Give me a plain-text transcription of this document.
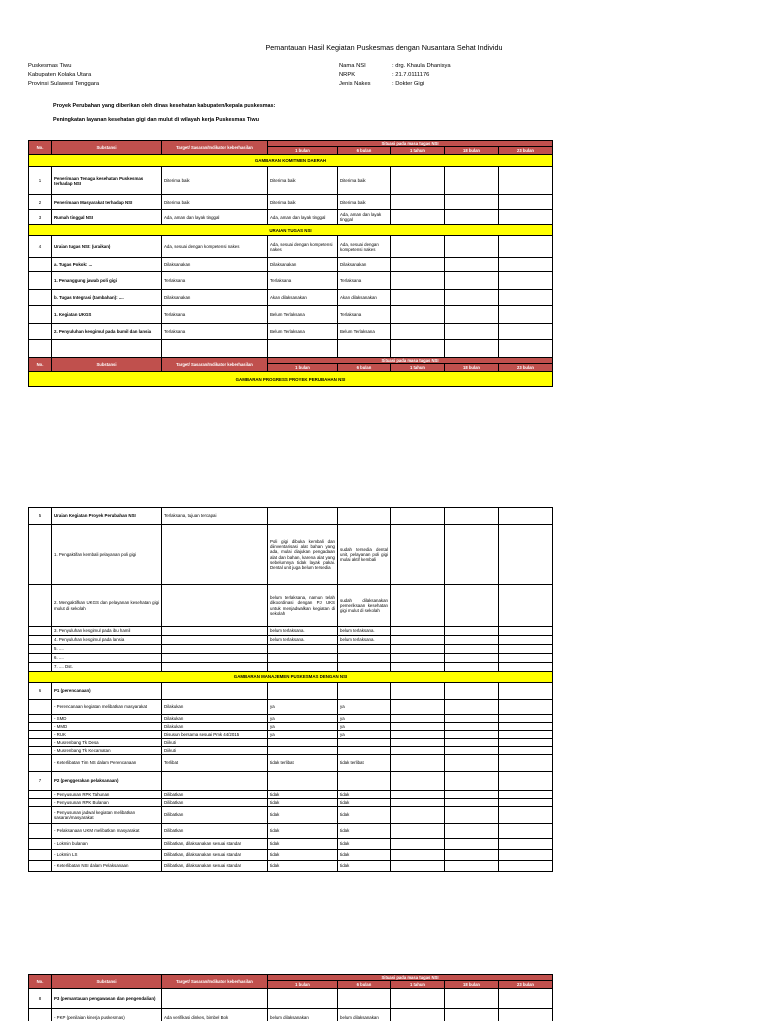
Pemantauan Hasil Kegiatan Puskesmas dengan Nusantara Sehat Individu
Puskesmas Tiwu
Kabupaten Kolaka Utara
Provinsi Sulawesi Tenggara
Nama NSI	: drg. Khaula Dhanisya
NRPK	: 21.7.0111176
Jenis Nakes	: Dokter Gigi
Proyek Perubahan yang diberikan oleh dinas kesehatan kabupaten/kepala puskesmas:
Peningkatan layanan kesehatan gigi dan mulut di wilayah kerja Puskesmas Tiwu
No.	Substansi	Target/ Sasaran/Indikator keberhasilan	Situasi pada masa tugas NSI				
			1 bulan	6 bulan	1 tahun	18 bulan	23 bulan
GAMBARAN KOMITMEN DAERAH							
1	Penerimaan Tenaga kesehatan Puskesmas terhadap NSI	Diterima baik	Diterima baik	Diterima baik			
2	Penerimaan Masyarakat terhadap NSI	Diterima baik	Diterima baik	Diterima baik			
3	Rumah tinggal NSI	Ada, aman dan layak tinggal	Ada, aman dan layak tinggal	Ada, aman dan layak tinggal			
URAIAN TUGAS NSI							
4	Uraian tugas NSI: (uraikan)	Ada, sesuai dengan kompetensi nakes	Ada, sesuai dengan kompetensi nakes	Ada, sesuai dengan kompetensi nakes			
	a. Tugas Pokok: ...	Dilaksanakan	Dilaksanakan	Dilaksanakan			
	1. Penanggung jawab poli gigi	Terlaksana	Terlaksana	Terlaksana			
	b. Tugas Integrasi (tambahan): ....	Dilaksanakan	Akan dilaksanakan	Akan dilaksanakan			
	1. Kegiatan UKGS	Terlaksana	Belum Terlaksana	Terlaksana			
	2. Penyuluhan kesgimul pada bumil dan lansia	Terlaksana	Belum Terlaksana	Belum Terlaksana			

No.	Substansi	Target/ Sasaran/Indikator keberhasilan	Situasi pada masa tugas NSI				
			1 bulan	6 bulan	1 tahun	18 bulan	23 bulan
GAMBARAN PROGRESS PROYEK PERUBAHAN NSI							
5	Uraian Kegiatan Proyek Perubahan NSI	Terlaksana, tujuan tercapai					
	1. Pengaktifan kembali pelayanan poli gigi		Poli gigi dibuka kembali dan diinventarisasi alat bahan yang ada, mulai diajukan pengadaan alat dan bahan, karena alat yang sebelumnya tidak layak pakai. Dental unit juga belum tersedia	sudah tersedia dental unit, pelayanan poli gigi mulai aktif kembali			
	2. Mengaktifkan UKGS dan pelayanan kesehatan gigi mulut di sekolah		belum terlaksana, namun telah dikoordinasi dengan PJ UKS untuk menjadwalkan kegiatan di sekolah	sudah dilaksanakan pemeriksaan kesehatan gigi mulut di sekolah			
	3. Penyuluhan kesgimul pada ibu hamil		belum terlaksana.	belum terlaksana.			
	4. Penyuluhan kesgimul pada lansia		belum terlaksana.	belum terlaksana.			
	5. ....						
	6. ....						
	7. .... Dst.						
GAMBARAN MANAJEMEN PUSKESMAS DENGAN NSI							
6	P1 (perencanaan)						
	- Perencanaan kegiatan melibatkan masyarakat	Dilakukan	ya	ya			
	- SMD	Dilakukan	ya	ya			
	- MMD	Dilakukan	ya	ya			
	- RUK	Disusun bersama sesuai Pmk 44/2015	ya	ya			
	- Musrenbang Tk Desa	Diikuti					
	- Musrenbang Tk Kecamatan	Diikuti					
	- Keterlibatan Tim NS dalam Perencanaan	Terlibat	tidak terlibat	tidak terlibat			
7	P2 (penggerakan pelaksanaan)						
	- Penyusunan RPK Tahunan	Dilibatkan	tidak	tidak			
	- Penyusunan RPK Bulanan	Dilibatkan	tidak	tidak			
	- Penyusunan jadwal kegiatan melibatkan sasaran/masyarakat	Dilibatkan	tidak	tidak			
	- Pelaksanaan UKM melibatkan masyarakat	Dilibatkan	tidak	tidak			
	- Lokmin bulanan	Dilibatkan, dilaksanakan sesuai standar	tidak	tidak			
	- Lokmin LS	Dilibatkan, dilaksanakan sesuai standar	tidak	tidak			
	- Keterlibatan NSI dalam Pelaksanaan	Dilibatkan, dilaksanakan sesuai standar	tidak	tidak			
No.	Substansi	Target/ Sasaran/Indikator keberhasilan	Situasi pada masa tugas NSI				
			1 bulan	6 bulan	1 tahun	18 bulan	23 bulan
8	P3 (pemantauan pengawasan dan pengendalian)						
	- PKP (penilaian kinerja puskesmas)	Ada verifikasi dinkes, bimbel Bok	belum dilaksanakan	belum dilaksanakan			
